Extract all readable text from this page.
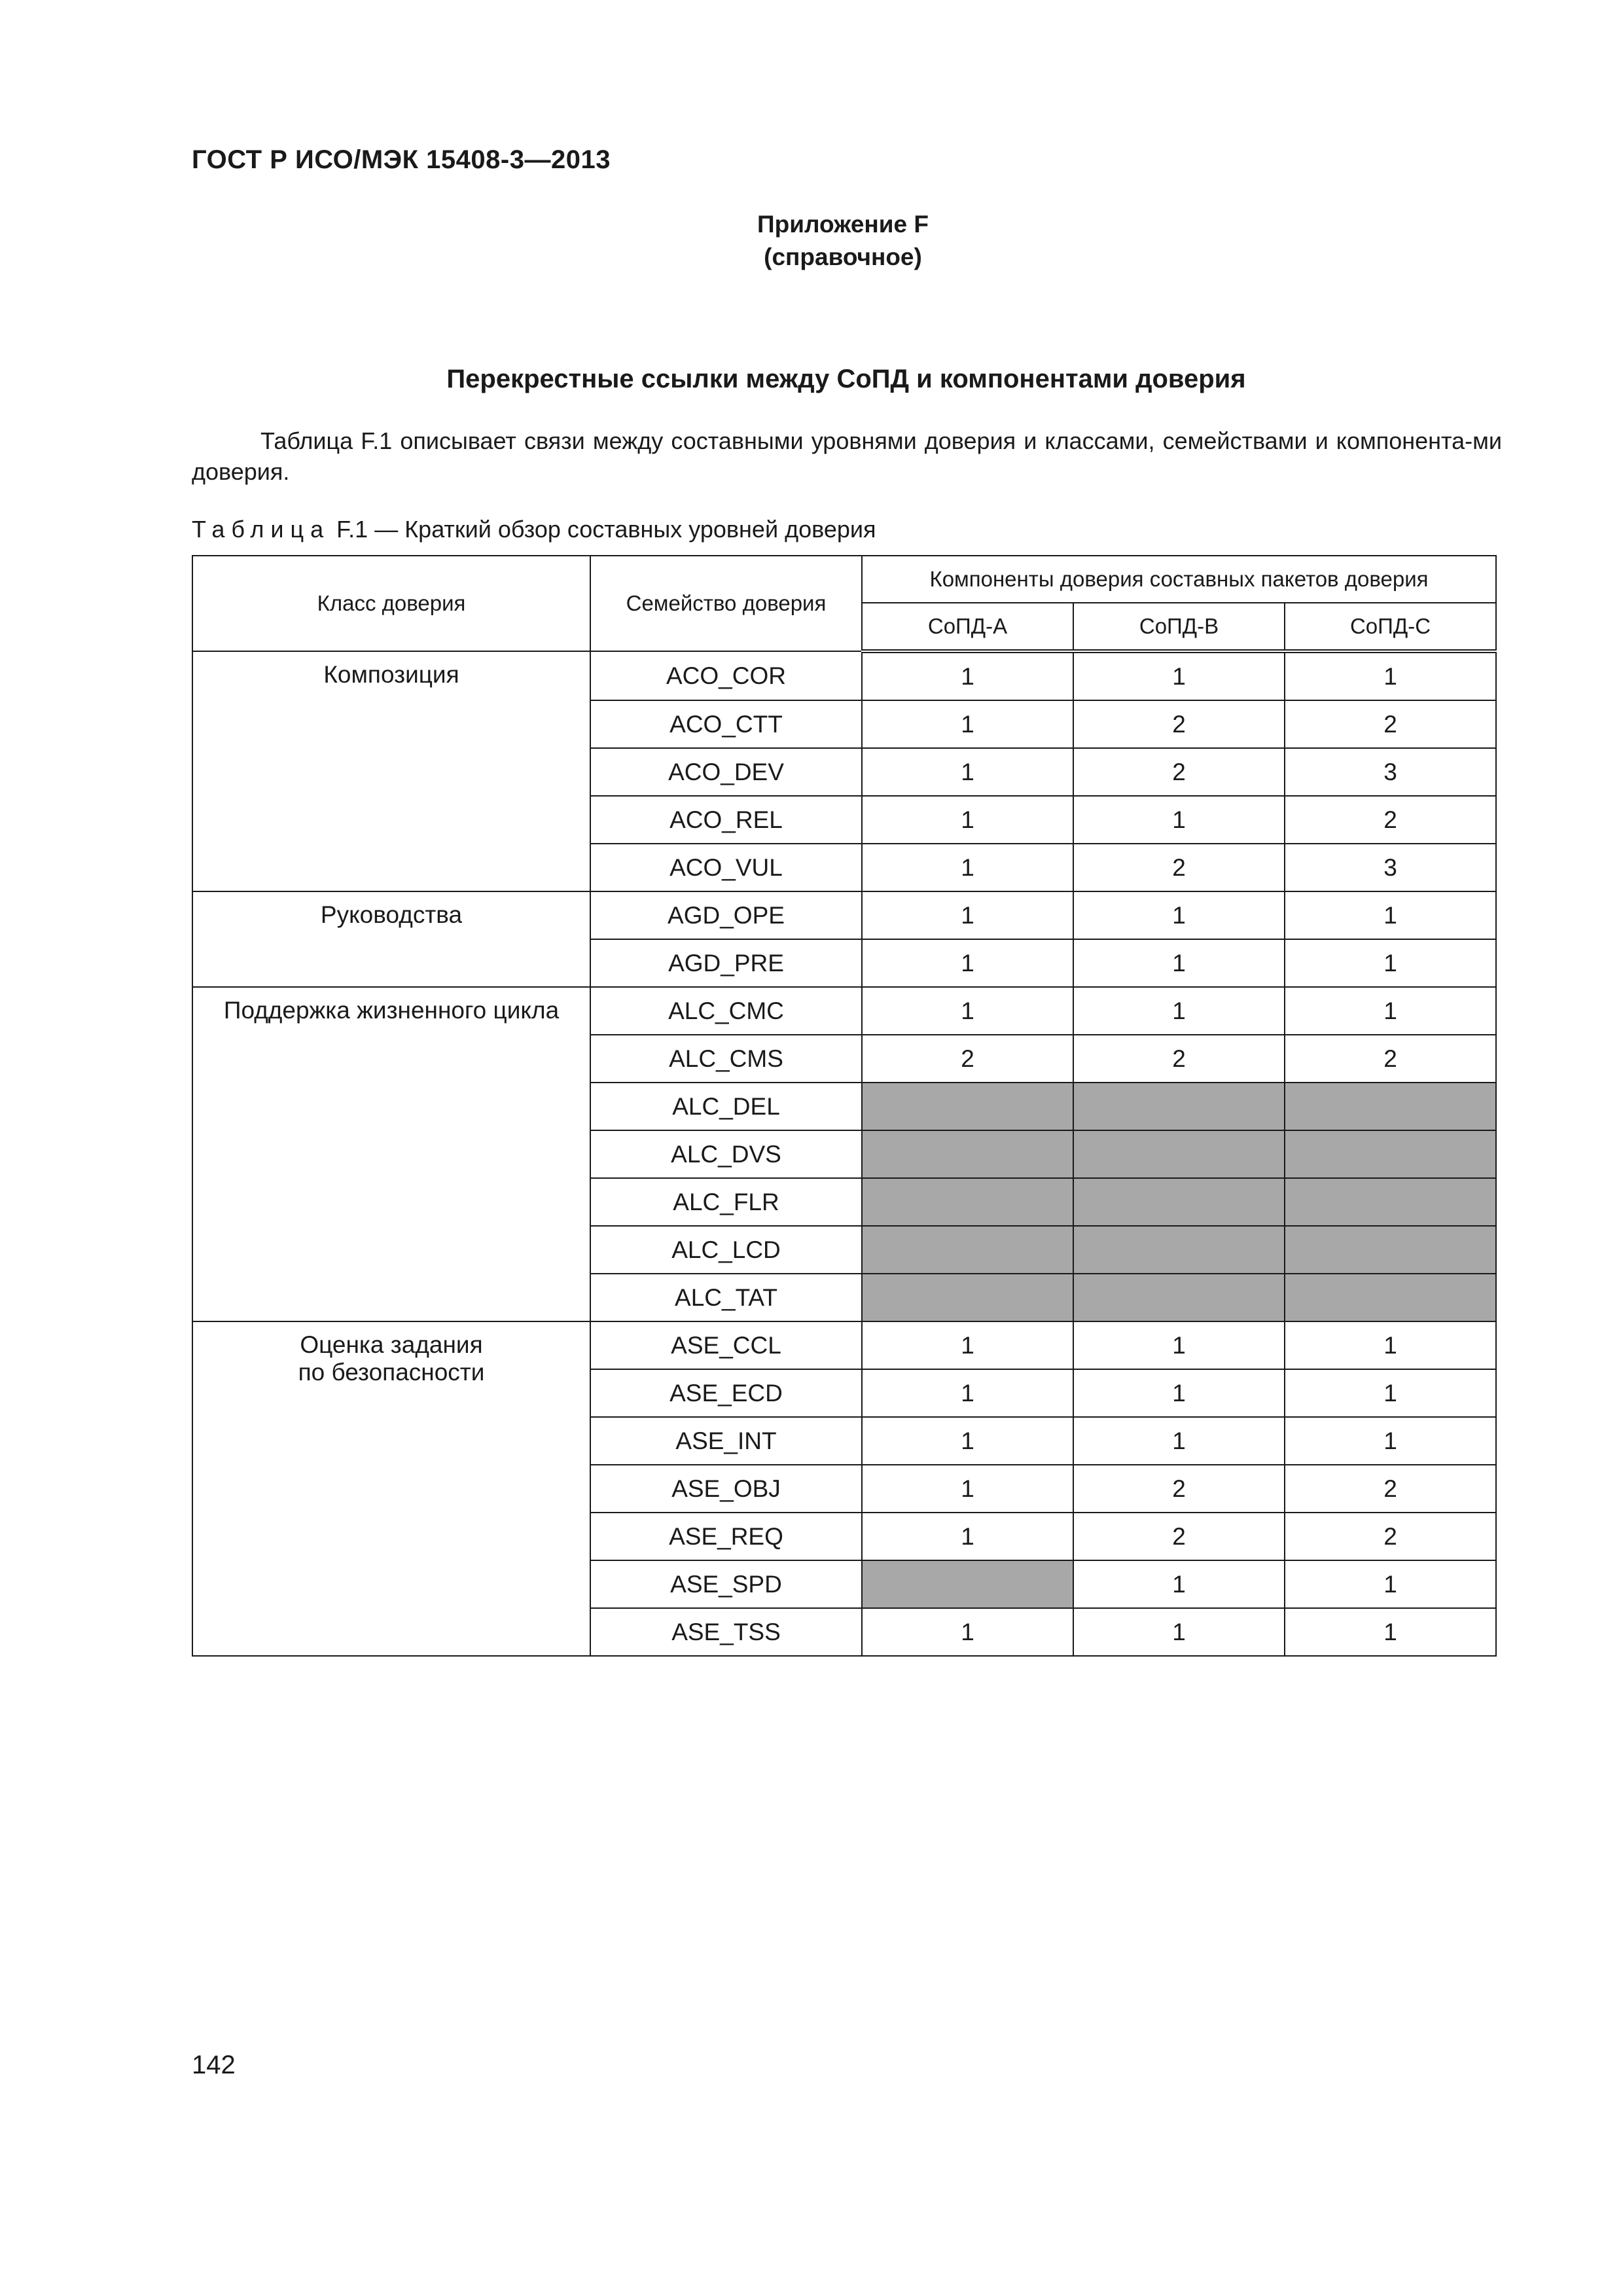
ГОСТ Р ИСО/МЭК 15408-3—2013
Приложение F
(справочное)
Перекрестные ссылки между СоПД и компонентами доверия
Таблица F.1 описывает связи между составными уровнями доверия и классами, семействами и компонента-ми доверия.
Таблица F.1 — Краткий обзор составных уровней доверия
Класс доверия	Семейство доверия	Компоненты доверия составных пакетов доверия		
		СоПД-А	СоПД-В	СоПД-С
Композиция	ACO_COR	1	1	1
	ACO_CTT	1	2	2
	ACO_DEV	1	2	3
	ACO_REL	1	1	2
	ACO_VUL	1	2	3
Руководства	AGD_OPE	1	1	1
	AGD_PRE	1	1	1
Поддержка жизненного цикла	ALC_CMC	1	1	1
	ALC_CMS	2	2	2
	ALC_DEL			
	ALC_DVS			
	ALC_FLR			
	ALC_LCD			
	ALC_TAT			

Оценка задания
по безопасности	ASE_CCL	1	1	1
	ASE_ECD	1	1	1
	ASE_INT	1	1	1
	ASE_OBJ	1	2	2
	ASE_REQ	1	2	2
	ASE_SPD		1	1
	ASE_TSS	1	1	1
142
